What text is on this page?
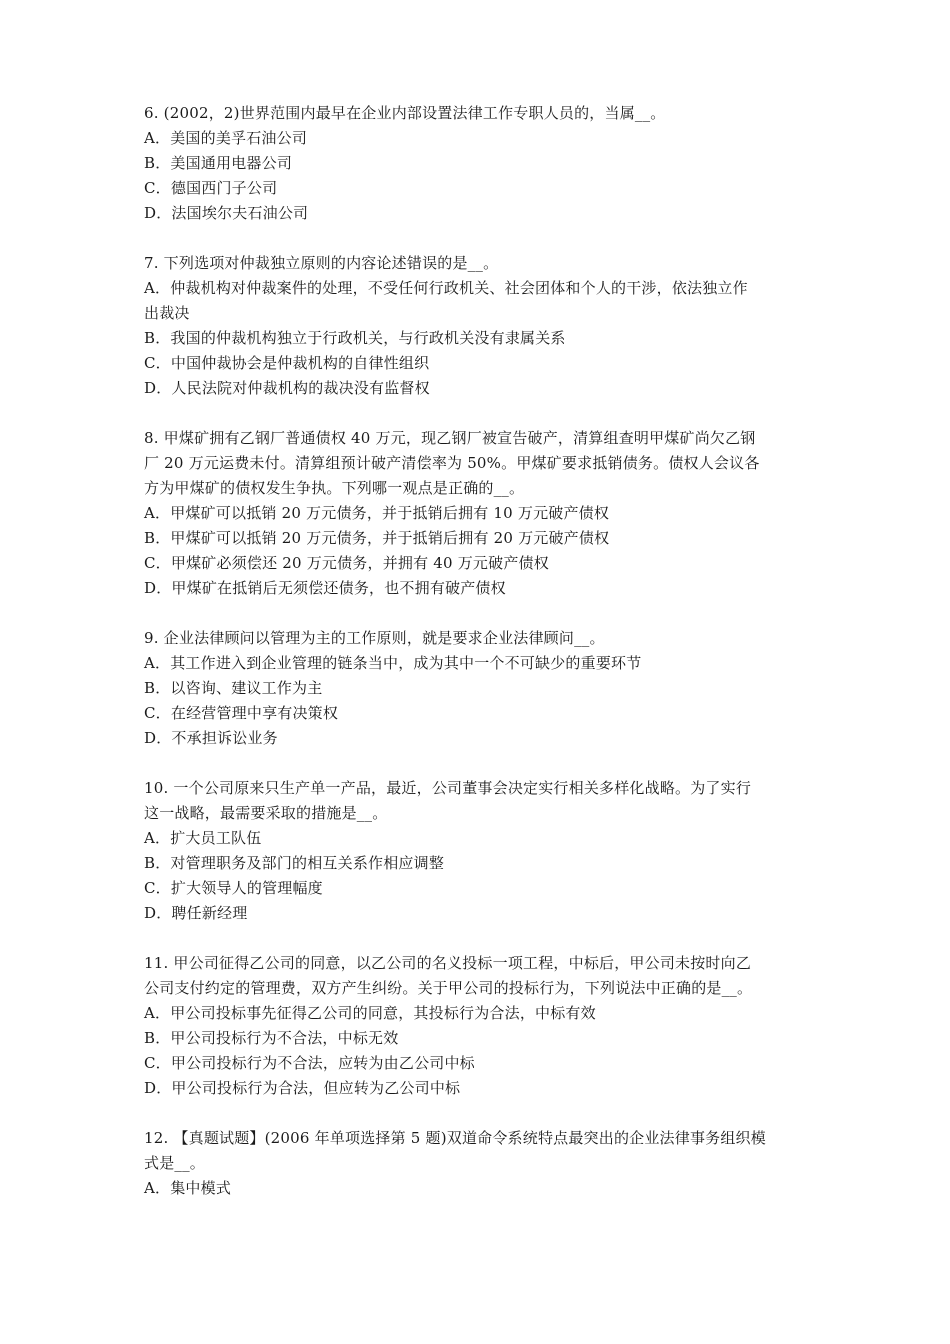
6. (2002，2)世界范围内最早在企业内部设置法律工作专职人员的，当属__。
A．美国的美孚石油公司
B．美国通用电器公司
C．德国西门子公司
D．法国埃尔夫石油公司
7. 下列选项对仲裁独立原则的内容论述错误的是__。
A．仲裁机构对仲裁案件的处理，不受任何行政机关、社会团体和个人的干涉，依法独立作
出裁决
B．我国的仲裁机构独立于行政机关，与行政机关没有隶属关系
C．中国仲裁协会是仲裁机构的自律性组织
D．人民法院对仲裁机构的裁决没有监督权
8. 甲煤矿拥有乙钢厂普通债权 40 万元，现乙钢厂被宣告破产，清算组查明甲煤矿尚欠乙钢
厂 20 万元运费未付。清算组预计破产清偿率为 50%。甲煤矿要求抵销债务。债权人会议各
方为甲煤矿的债权发生争执。下列哪一观点是正确的__。
A．甲煤矿可以抵销 20 万元债务，并于抵销后拥有 10 万元破产债权
B．甲煤矿可以抵销 20 万元债务，并于抵销后拥有 20 万元破产债权
C．甲煤矿必须偿还 20 万元债务，并拥有 40 万元破产债权
D．甲煤矿在抵销后无须偿还债务，也不拥有破产债权
9. 企业法律顾问以管理为主的工作原则，就是要求企业法律顾问__。
A．其工作进入到企业管理的链条当中，成为其中一个不可缺少的重要环节
B．以咨询、建议工作为主
C．在经营管理中享有决策权
D．不承担诉讼业务
10. 一个公司原来只生产单一产品，最近，公司董事会决定实行相关多样化战略。为了实行
这一战略，最需要采取的措施是__。
A．扩大员工队伍
B．对管理职务及部门的相互关系作相应调整
C．扩大领导人的管理幅度
D．聘任新经理
11. 甲公司征得乙公司的同意，以乙公司的名义投标一项工程，中标后，甲公司未按时向乙
公司支付约定的管理费，双方产生纠纷。关于甲公司的投标行为，下列说法中正确的是__。
A．甲公司投标事先征得乙公司的同意，其投标行为合法，中标有效
B．甲公司投标行为不合法，中标无效
C．甲公司投标行为不合法，应转为由乙公司中标
D．甲公司投标行为合法，但应转为乙公司中标
12. 【真题试题】(2006 年单项选择第 5 题)双道命令系统特点最突出的企业法律事务组织模
式是__。
A．集中模式
